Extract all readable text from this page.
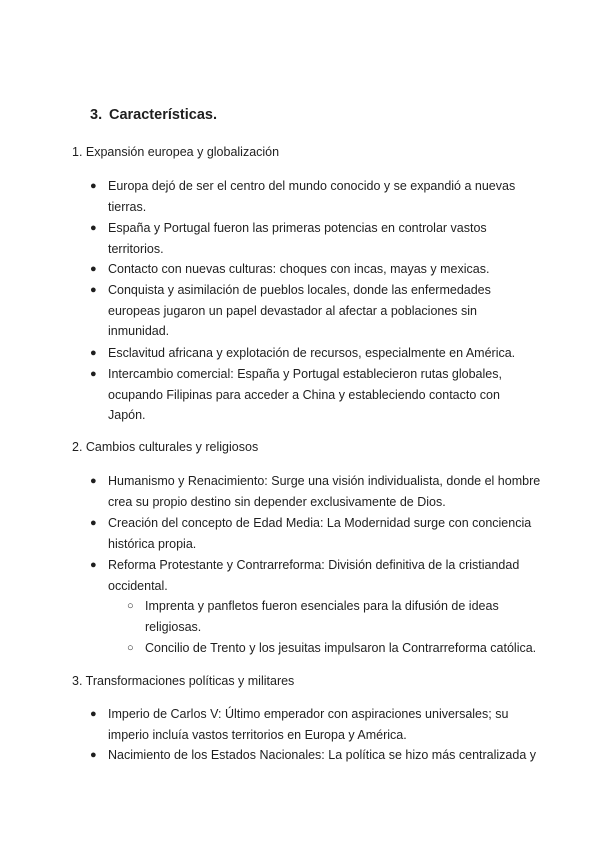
3. Características.

1. Expansión europea y globalización

● Europa dejó de ser el centro del mundo conocido y se expandió a nuevas
tierras.
● España y Portugal fueron las primeras potencias en controlar vastos
territorios.
● Contacto con nuevas culturas: choques con incas, mayas y mexicas.
● Conquista y asimilación de pueblos locales, donde las enfermedades
europeas jugaron un papel devastador al afectar a poblaciones sin
inmunidad.
● Esclavitud africana y explotación de recursos, especialmente en América.
● Intercambio comercial: España y Portugal establecieron rutas globales,
ocupando Filipinas para acceder a China y estableciendo contacto con
Japón.

2. Cambios culturales y religiosos

● Humanismo y Renacimiento: Surge una visión individualista, donde el hombre
crea su propio destino sin depender exclusivamente de Dios.
● Creación del concepto de Edad Media: La Modernidad surge con conciencia
histórica propia.
● Reforma Protestante y Contrarreforma: División definitiva de la cristiandad
occidental.
○ Imprenta y panfletos fueron esenciales para la difusión de ideas
religiosas.
○ Concilio de Trento y los jesuitas impulsaron la Contrarreforma católica.

3. Transformaciones políticas y militares

● Imperio de Carlos V: Último emperador con aspiraciones universales; su
imperio incluía vastos territorios en Europa y América.
● Nacimiento de los Estados Nacionales: La política se hizo más centralizada y
